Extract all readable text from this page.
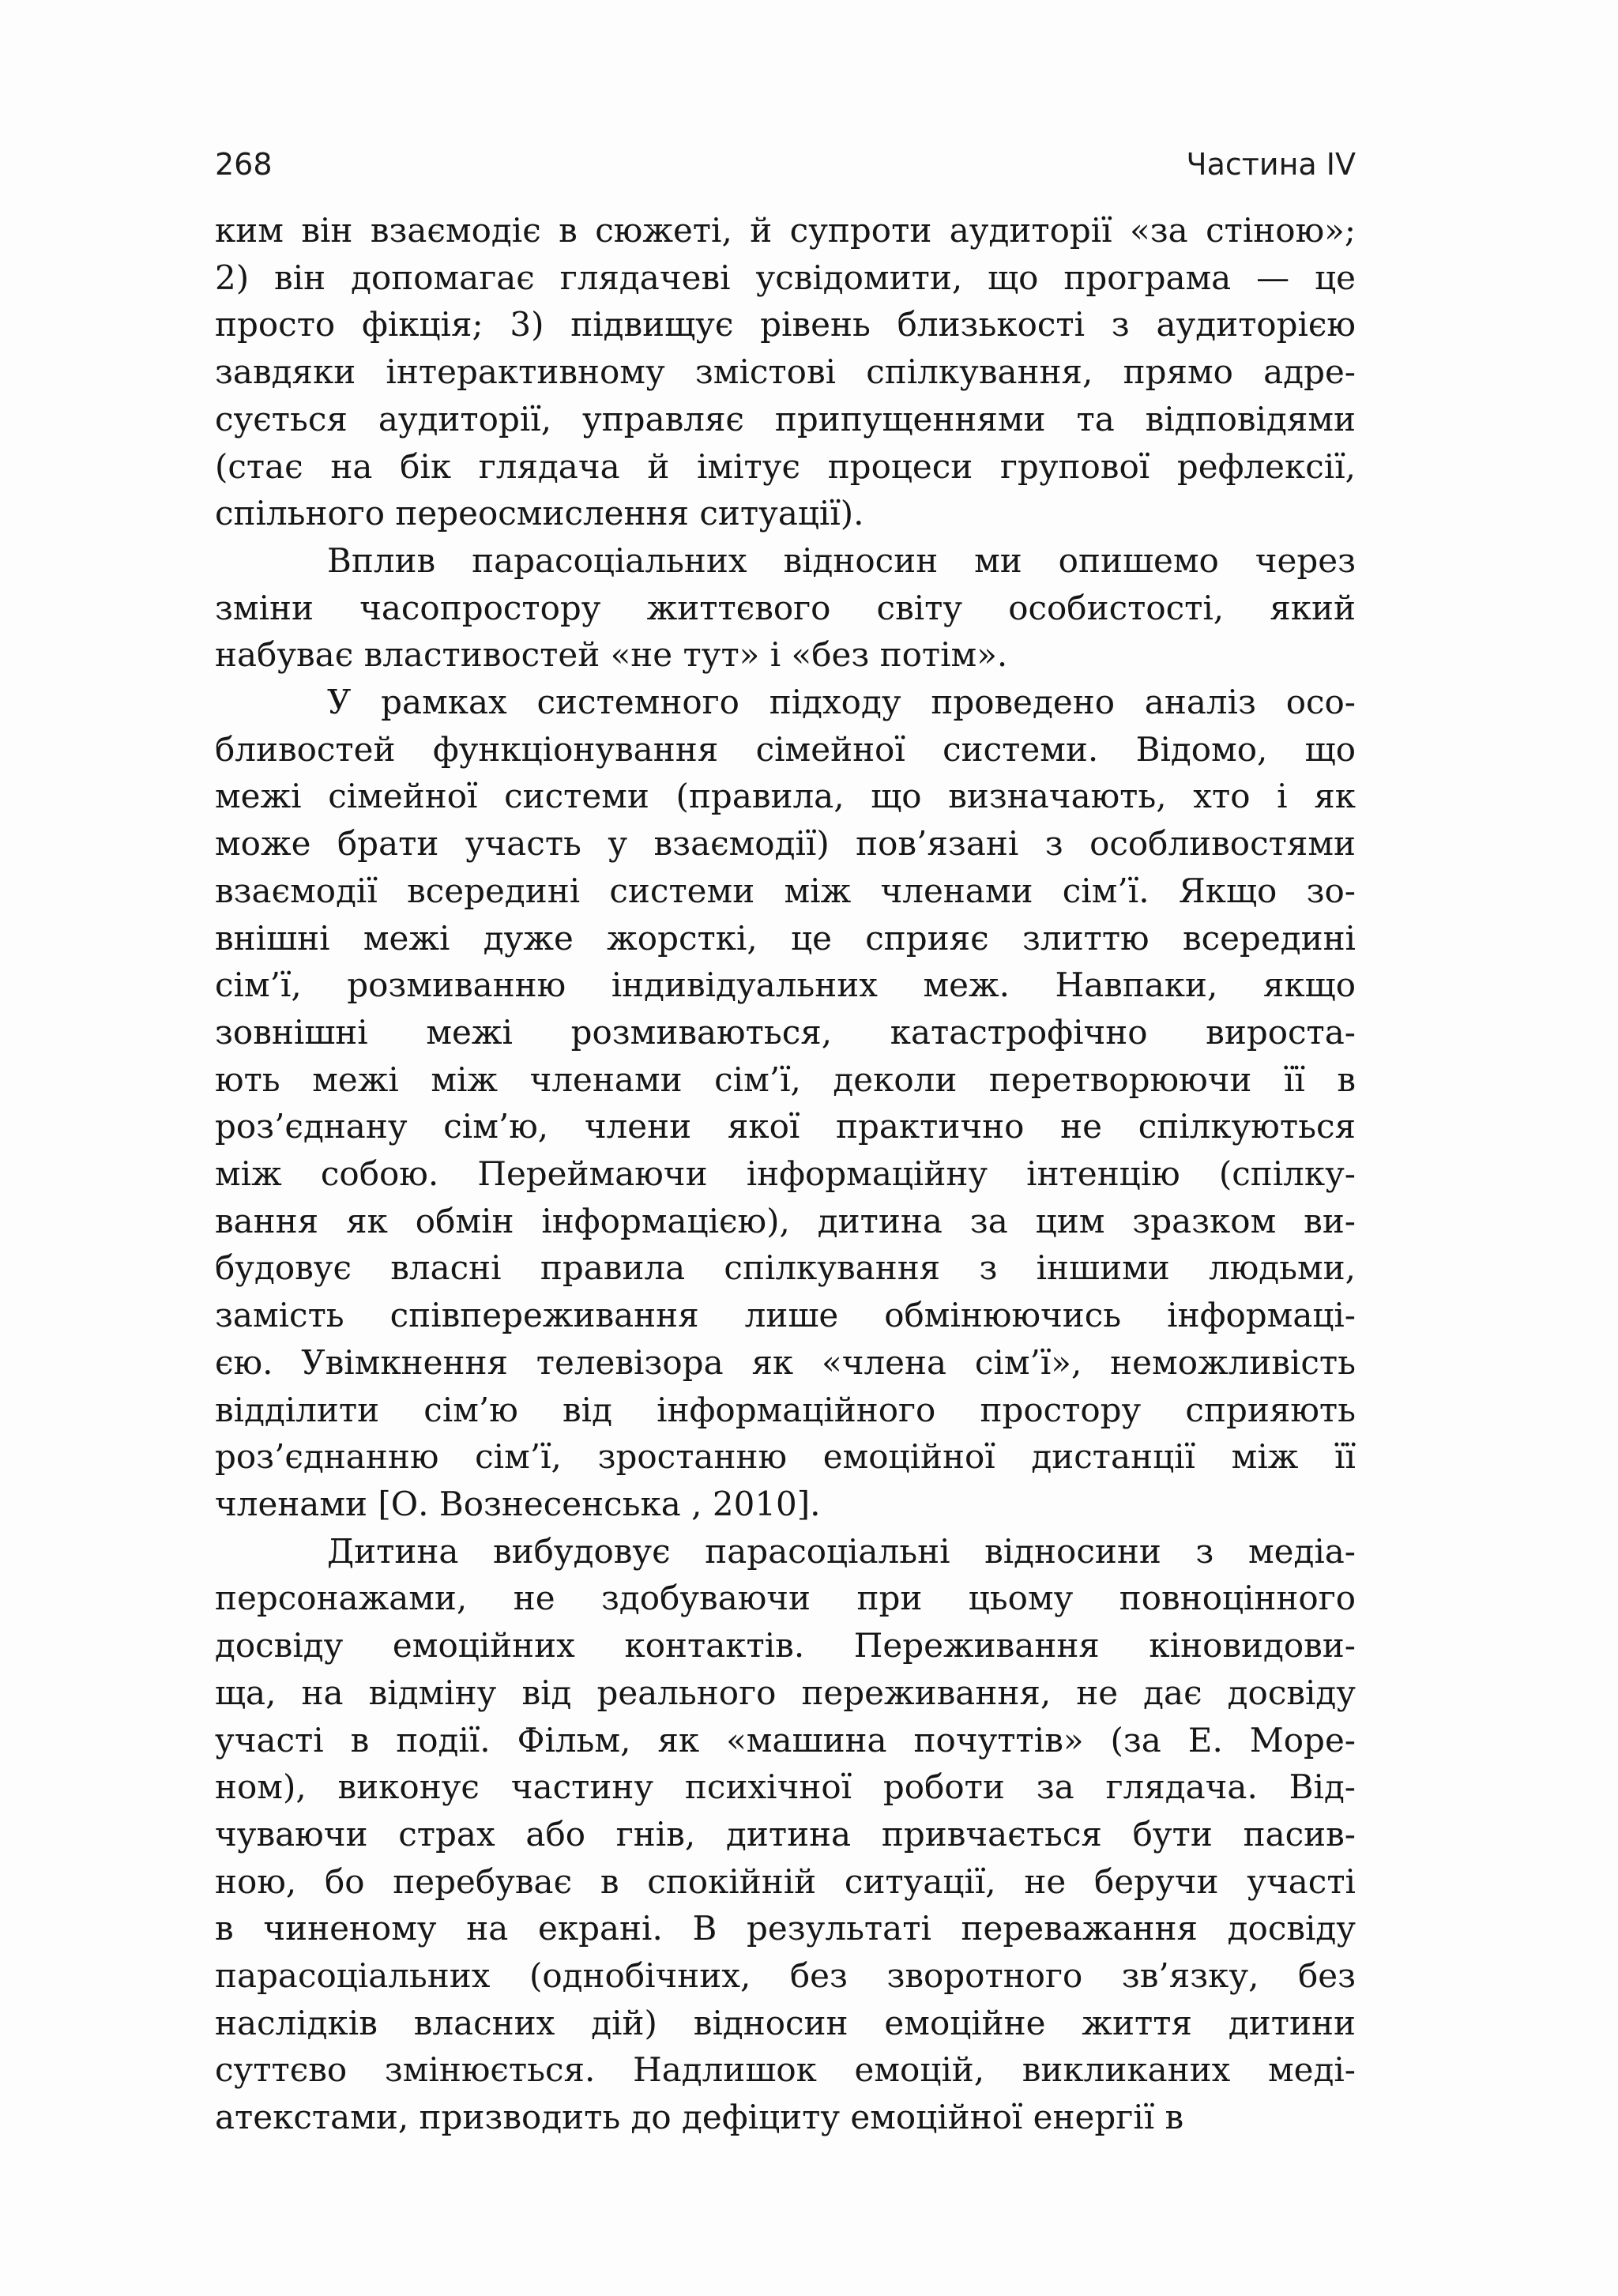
268	Частина IV

ким він взаємодіє в сюжеті, й супроти аудиторії «за стіною»;
2) він допомагає глядачеві усвідомити, що програма — це
просто фікція; 3) підвищує рівень близькості з аудиторією
завдяки інтерактивному змістові спілкування, прямо адре-
сується аудиторії, управляє припущеннями та відповідями
(стає на бік глядача й імітує процеси групової рефлексії,
спільного переосмислення ситуації).

Вплив парасоціальних відносин ми опишемо через
зміни часопростору життєвого світу особистості, який
набуває властивостей «не тут» і «без потім».

У рамках системного підходу проведено аналіз осо-
бливостей функціонування сімейної системи. Відомо, що
межі сімейної системи (правила, що визначають, хто і як
може брати участь у взаємодії) пов’язані з особливостями
взаємодії всередині системи між членами сім’ї. Якщо зо-
внішні межі дуже жорсткі, це сприяє злиттю всередині
сім’ї, розмиванню індивідуальних меж. Навпаки, якщо
зовнішні межі розмиваються, катастрофічно вироста-
ють межі між членами сім’ї, деколи перетворюючи її в
роз’єднану сім’ю, члени якої практично не спілкуються
між собою. Переймаючи інформаційну інтенцію (спілку-
вання як обмін інформацією), дитина за цим зразком ви-
будовує власні правила спілкування з іншими людьми,
замість співпереживання лише обмінюючись інформаці-
єю. Увімкнення телевізора як «члена сім’ї», неможливість
відділити сім’ю від інформаційного простору сприяють
роз’єднанню сім’ї, зростанню емоційної дистанції між її
членами [О. Вознесенська , 2010].

Дитина вибудовує парасоціальні відносини з медіа-
персонажами, не здобуваючи при цьому повноцінного
досвіду емоційних контактів. Переживання кіновидови-
ща, на відміну від реального переживання, не дає досвіду
участі в події. Фільм, як «машина почуттів» (за Е. Море-
ном), виконує частину психічної роботи за глядача. Від-
чуваючи страх або гнів, дитина привчається бути пасив-
ною, бо перебуває в спокійній ситуації, не беручи участі
в чиненому на екрані. В результаті переважання досвіду
парасоціальних (однобічних, без зворотного зв’язку, без
наслідків власних дій) відносин емоційне життя дитини
суттєво змінюється. Надлишок емоцій, викликаних меді-
атекстами, призводить до дефіциту емоційної енергії в
